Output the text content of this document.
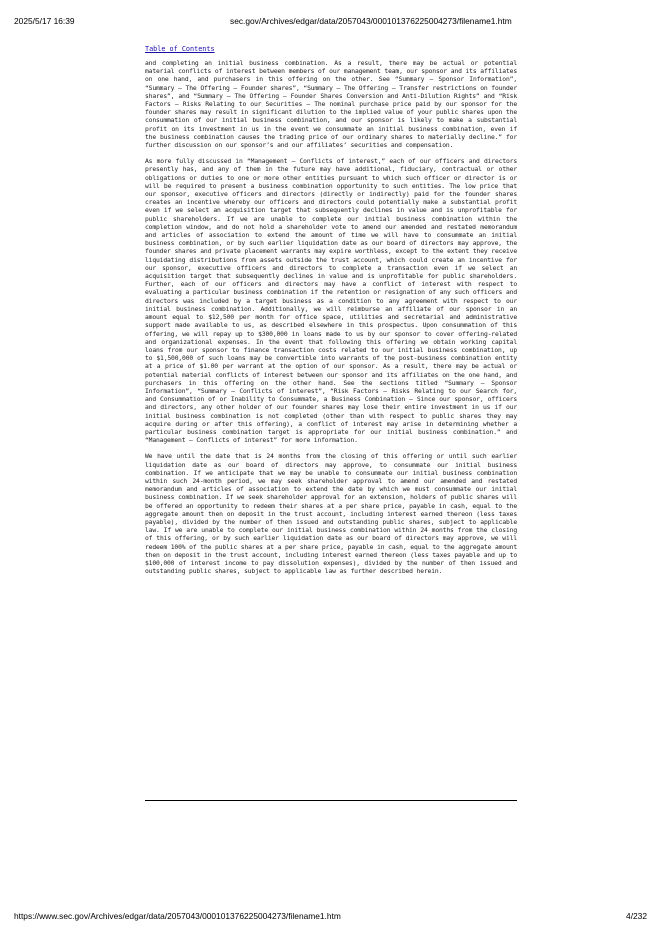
2025/5/17 16:39	sec.gov/Archives/edgar/data/2057043/000101376225004273/filename1.htm
Table of Contents

and completing an initial business combination. As a result, there may be actual or potential material conflicts of interest between members of our management team, our sponsor and its affiliates on one hand, and purchasers in this offering on the other. See “Summary — Sponsor Information”, “Summary — The Offering — Founder shares”, “Summary — The Offering — Transfer restrictions on founder shares”, and “Summary — The Offering — Founder Shares Conversion and Anti-Dilution Rights” and “Risk Factors — Risks Relating to our Securities — The nominal purchase price paid by our sponsor for the founder shares may result in significant dilution to the implied value of your public shares upon the consummation of our initial business combination, and our sponsor is likely to make a substantial profit on its investment in us in the event we consummate an initial business combination, even if the business combination causes the trading price of our ordinary shares to materially decline.” for further discussion on our sponsor’s and our affiliates’ securities and compensation.

As more fully discussed in “Management — Conflicts of interest,” each of our officers and directors presently has, and any of them in the future may have additional, fiduciary, contractual or other obligations or duties to one or more other entities pursuant to which such officer or director is or will be required to present a business combination opportunity to such entities. The low price that our sponsor, executive officers and directors (directly or indirectly) paid for the founder shares creates an incentive whereby our officers and directors could potentially make a substantial profit even if we select an acquisition target that subsequently declines in value and is unprofitable for public shareholders. If we are unable to complete our initial business combination within the completion window, and do not hold a shareholder vote to amend our amended and restated memorandum and articles of association to extend the amount of time we will have to consummate an initial business combination, or by such earlier liquidation date as our board of directors may approve, the founder shares and private placement warrants may expire worthless, except to the extent they receive liquidating distributions from assets outside the trust account, which could create an incentive for our sponsor, executive officers and directors to complete a transaction even if we select an acquisition target that subsequently declines in value and is unprofitable for public shareholders. Further, each of our officers and directors may have a conflict of interest with respect to evaluating a particular business combination if the retention or resignation of any such officers and directors was included by a target business as a condition to any agreement with respect to our initial business combination. Additionally, we will reimburse an affiliate of our sponsor in an amount equal to $12,500 per month for office space, utilities and secretarial and administrative support made available to us, as described elsewhere in this prospectus. Upon consummation of this offering, we will repay up to $300,000 in loans made to us by our sponsor to cover offering-related and organizational expenses. In the event that following this offering we obtain working capital loans from our sponsor to finance transaction costs related to our initial business combination, up to $1,500,000 of such loans may be convertible into warrants of the post-business combination entity at a price of $1.00 per warrant at the option of our sponsor. As a result, there may be actual or potential material conflicts of interest between our sponsor and its affiliates on the one hand, and purchasers in this offering on the other hand. See the sections titled “Summary — Sponsor Information”, “Summary — Conflicts of interest”, “Risk Factors — Risks Relating to our Search for, and Consummation of or Inability to Consummate, a Business Combination — Since our sponsor, officers and directors, any other holder of our founder shares may lose their entire investment in us if our initial business combination is not completed (other than with respect to public shares they may acquire during or after this offering), a conflict of interest may arise in determining whether a particular business combination target is appropriate for our initial business combination.” and “Management — Conflicts of interest” for more information.

We have until the date that is 24 months from the closing of this offering or until such earlier liquidation date as our board of directors may approve, to consummate our initial business combination. If we anticipate that we may be unable to consummate our initial business combination within such 24-month period, we may seek shareholder approval to amend our amended and restated memorandum and articles of association to extend the date by which we must consummate our initial business combination. If we seek shareholder approval for an extension, holders of public shares will be offered an opportunity to redeem their shares at a per share price, payable in cash, equal to the aggregate amount then on deposit in the trust account, including interest earned thereon (less taxes payable), divided by the number of then issued and outstanding public shares, subject to applicable law. If we are unable to complete our initial business combination within 24 months from the closing of this offering, or by such earlier liquidation date as our board of directors may approve, we will redeem 100% of the public shares at a per share price, payable in cash, equal to the aggregate amount then on deposit in the trust account, including interest earned thereon (less taxes payable and up to $100,000 of interest income to pay dissolution expenses), divided by the number of then issued and outstanding public shares, subject to applicable law as further described herein.

https://www.sec.gov/Archives/edgar/data/2057043/000101376225004273/filename1.htm	4/232
